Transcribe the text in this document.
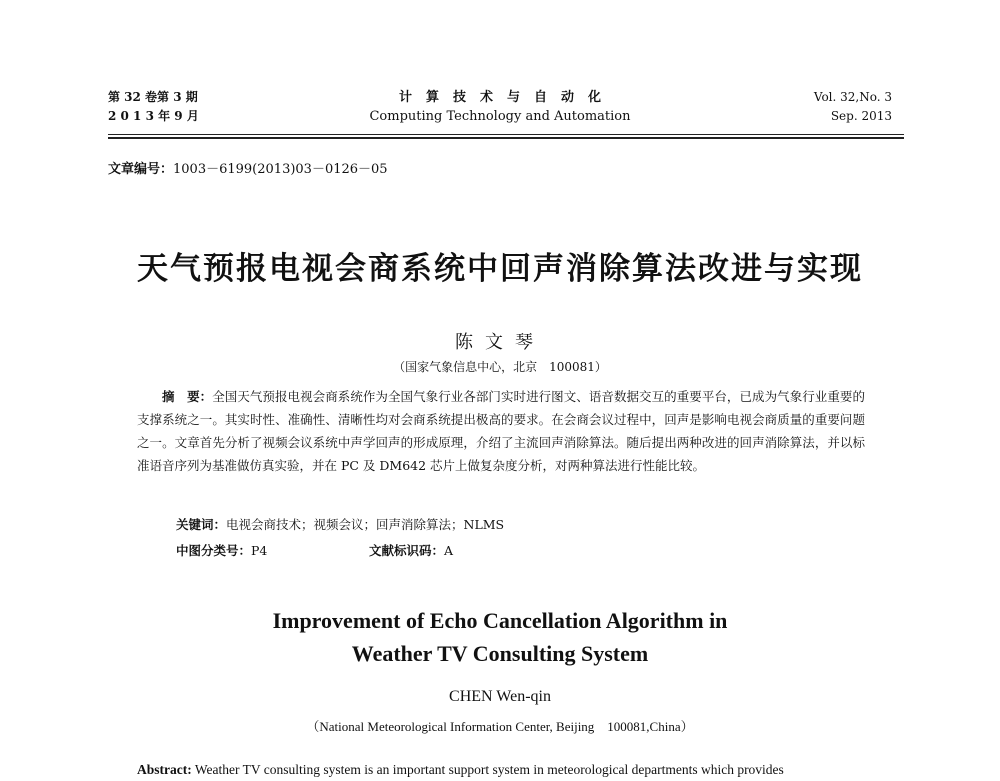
第 32 卷第 3 期
2 0 1 3 年 9 月
计算技术与自动化
Computing Technology and Automation
Vol. 32,No. 3
Sep. 2013
文章编号：1003－6199(2013)03－0126－05
天气预报电视会商系统中回声消除算法改进与实现
陈文琴
（国家气象信息中心，北京　100081）
摘　要：全国天气预报电视会商系统作为全国气象行业各部门实时进行图文、语音数据交互的重要平台，已成为气象行业重要的支撑系统之一。其实时性、准确性、清晰性均对会商系统提出极高的要求。在会商会议过程中，回声是影响电视会商质量的重要问题之一。文章首先分析了视频会议系统中声学回声的形成原理，介绍了主流回声消除算法。随后提出两种改进的回声消除算法，并以标准语音序列为基准做仿真实验，并在 PC 及 DM642 芯片上做复杂度分析，对两种算法进行性能比较。
关键词：电视会商技术；视频会议；回声消除算法；NLMS
中图分类号：P4	文献标识码：A
Improvement of Echo Cancellation Algorithm in
Weather TV Consulting System
CHEN Wen-qin
（National Meteorological Information Center, Beijing　100081,China）
Abstract: Weather TV consulting system is an important support system in meteorological departments which provides
